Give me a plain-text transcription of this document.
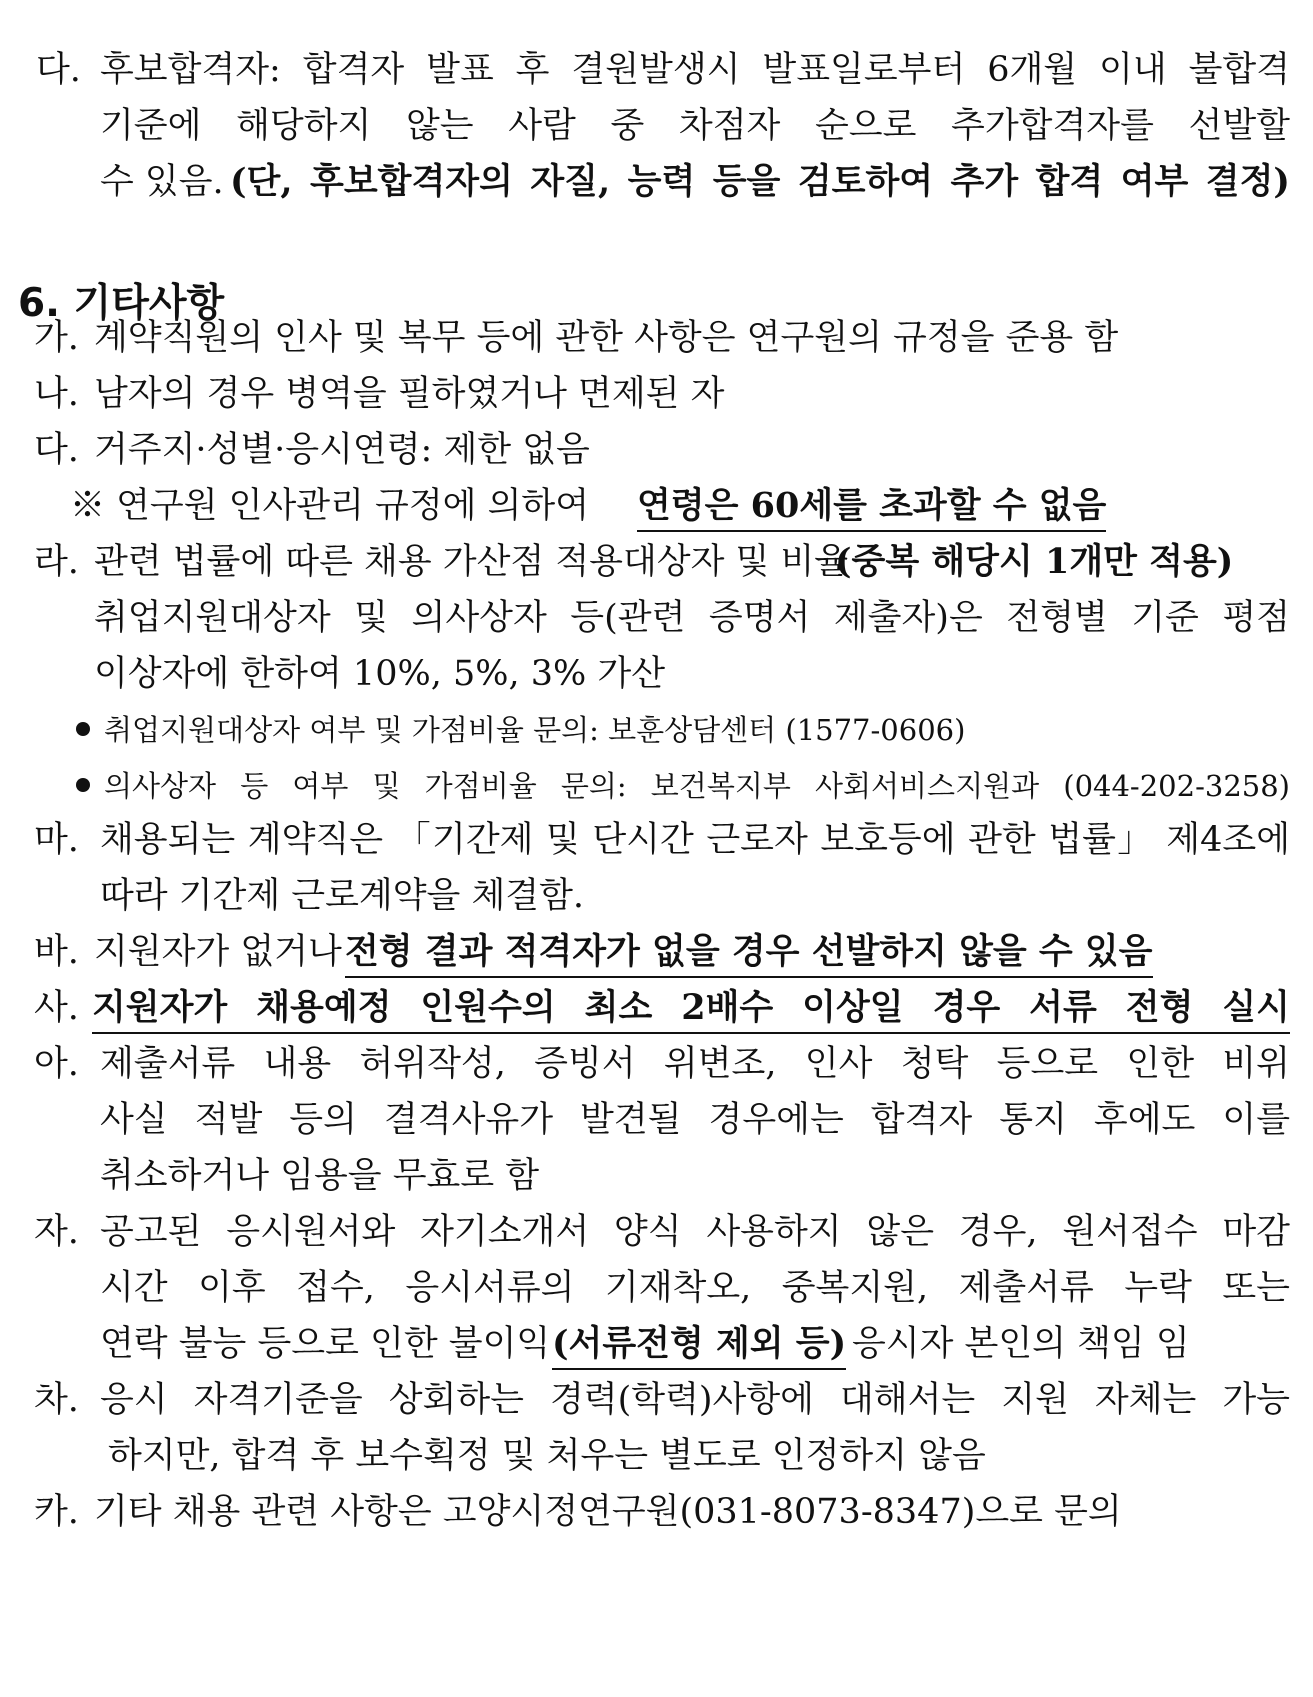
다. 후보합격자: 합격자 발표 후 결원발생시 발표일로부터 6개월 이내 불합격
기준에 해당하지 않는 사람 중 차점자 순으로 추가합격자를 선발할
수 있음. (단, 후보합격자의 자질, 능력 등을 검토하여 추가 합격 여부 결정)
6. 기타사항
가. 계약직원의 인사 및 복무 등에 관한 사항은 연구원의 규정을 준용 함
나. 남자의 경우 병역을 필하였거나 면제된 자
다. 거주지·성별·응시연령: 제한 없음
※ 연구원 인사관리 규정에 의하여 연령은 60세를 초과할 수 없음
라. 관련 법률에 따른 채용 가산점 적용대상자 및 비율
(중복 해당시 1개만 적용)
취업지원대상자 및 의사상자 등(관련 증명서 제출자)은 전형별 기준 평점
이상자에 한하여 10%, 5%, 3% 가산
취업지원대상자 여부 및 가점비율 문의: 보훈상담센터 (1577-0606)
의사상자 등 여부 및 가점비율 문의: 보건복지부 사회서비스지원과 (044-202-3258)
마. 채용되는 계약직은 「기간제 및 단시간 근로자 보호등에 관한 법률」 제4조에
따라 기간제 근로계약을 체결함.
바. 지원자가 없거나 전형 결과 적격자가 없을 경우 선발하지 않을 수 있음
사. 지원자가 채용예정 인원수의 최소 2배수 이상일 경우 서류 전형 실시
아. 제출서류 내용 허위작성, 증빙서 위변조, 인사 청탁 등으로 인한 비위
사실 적발 등의 결격사유가 발견될 경우에는 합격자 통지 후에도 이를
취소하거나 임용을 무효로 함
자. 공고된 응시원서와 자기소개서 양식 사용하지 않은 경우, 원서접수 마감
시간 이후 접수, 응시서류의 기재착오, 중복지원, 제출서류 누락 또는
연락 불능 등으로 인한 불이익 (서류전형 제외 등) 응시자 본인의 책임 임
차. 응시 자격기준을 상회하는 경력(학력)사항에 대해서는 지원 자체는 가능
하지만, 합격 후 보수획정 및 처우는 별도로 인정하지 않음
카. 기타 채용 관련 사항은 고양시정연구원(031-8073-8347)으로 문의
